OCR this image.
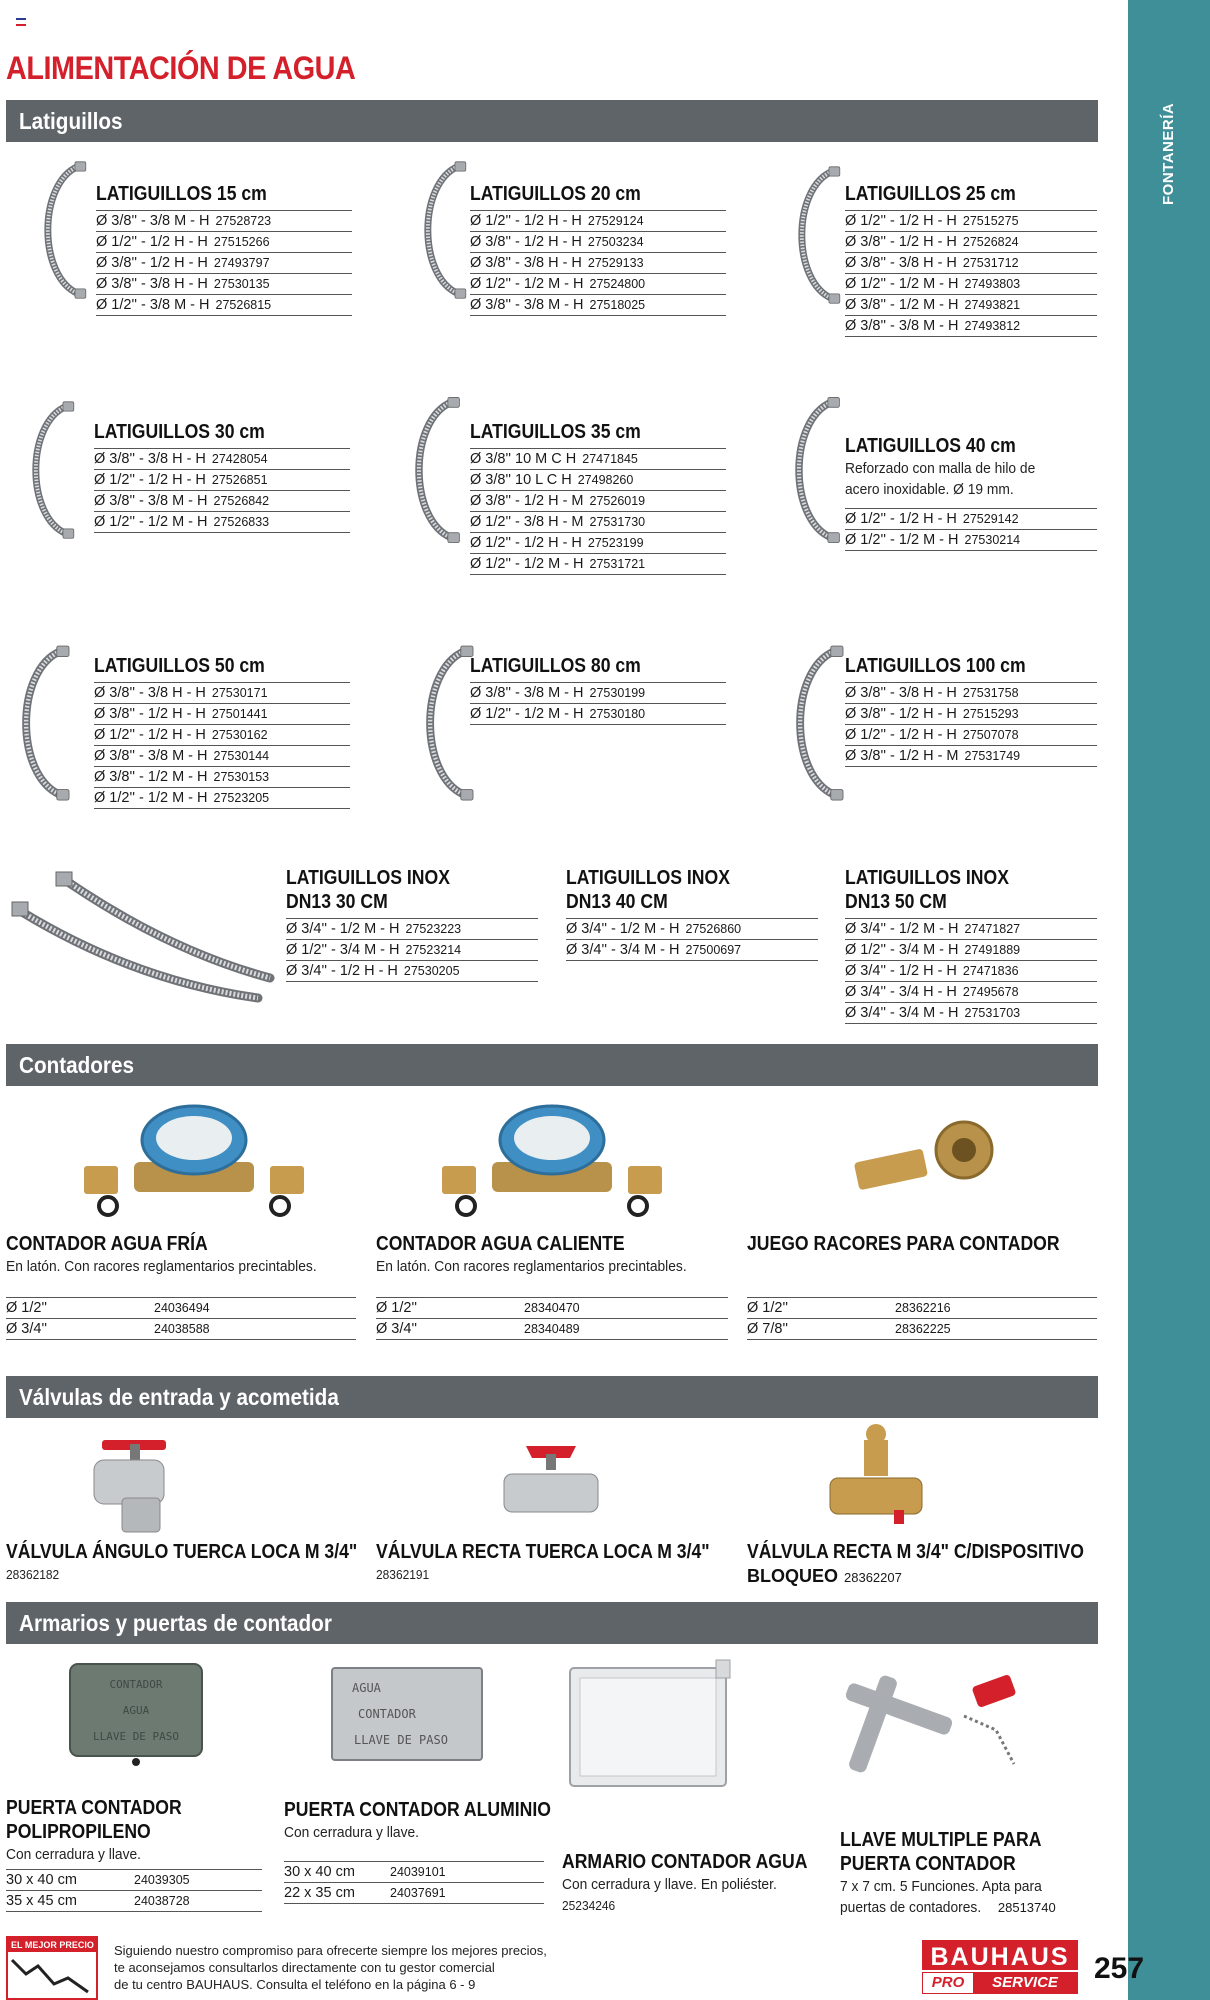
FONTANERÍA
ALIMENTACIÓN DE AGUA
Latiguillos
LATIGUILLOS 15 cm
Ø 3/8'' - 3/8 M - H 27528723
Ø 1/2'' - 1/2 H - H 27515266
Ø 3/8'' - 1/2 H - H 27493797
Ø 3/8'' - 3/8 H - H 27530135
Ø 1/2'' - 3/8 M - H 27526815
LATIGUILLOS 20 cm
Ø 1/2'' - 1/2 H - H 27529124
Ø 3/8'' - 1/2 H - H 27503234
Ø 3/8'' - 3/8 H - H 27529133
Ø 1/2'' - 1/2 M - H 27524800
Ø 3/8'' - 3/8 M - H 27518025
LATIGUILLOS 25 cm
Ø 1/2'' - 1/2 H - H 27515275
Ø 3/8'' - 1/2 H - H 27526824
Ø 3/8'' - 3/8 H - H 27531712
Ø 1/2'' - 1/2 M - H 27493803
Ø 3/8'' - 1/2 M - H 27493821
Ø 3/8'' - 3/8 M - H 27493812
LATIGUILLOS 30 cm
Ø 3/8'' - 3/8 H - H 27428054
Ø 1/2'' - 1/2 H - H 27526851
Ø 3/8'' - 3/8 M - H 27526842
Ø 1/2'' - 1/2 M - H 27526833
LATIGUILLOS 35 cm
Ø 3/8'' 10 M C H 27471845
Ø 3/8'' 10 L C H 27498260
Ø 3/8'' - 1/2 H - M 27526019
Ø 1/2'' - 3/8 H - M 27531730
Ø 1/2'' - 1/2 H - H 27523199
Ø 1/2'' - 1/2 M - H 27531721
LATIGUILLOS 40 cm
Reforzado con malla de hilo de
acero inoxidable. Ø 19 mm.
Ø 1/2'' - 1/2 H - H 27529142
Ø 1/2'' - 1/2 M - H 27530214
LATIGUILLOS 50 cm
Ø 3/8'' - 3/8 H - H 27530171
Ø 3/8'' - 1/2 H - H 27501441
Ø 1/2'' - 1/2 H - H 27530162
Ø 3/8'' - 3/8 M - H 27530144
Ø 3/8'' - 1/2 M - H 27530153
Ø 1/2'' - 1/2 M - H 27523205
LATIGUILLOS 80 cm
Ø 3/8'' - 3/8 M - H 27530199
Ø 1/2'' - 1/2 M - H 27530180
LATIGUILLOS 100 cm
Ø 3/8'' - 3/8 H - H 27531758
Ø 3/8'' - 1/2 H - H 27515293
Ø 1/2'' - 1/2 H - H 27507078
Ø 3/8'' - 1/2 H - M 27531749
LATIGUILLOS INOX
DN13 30 CM
Ø 3/4'' - 1/2 M - H 27523223
Ø 1/2'' - 3/4 M - H 27523214
Ø 3/4'' - 1/2 H - H 27530205
LATIGUILLOS INOX
DN13 40 CM
Ø 3/4'' - 1/2 M - H 27526860
Ø 3/4'' - 3/4 M - H 27500697
LATIGUILLOS INOX
DN13 50 CM
Ø 3/4'' - 1/2 M - H 27471827
Ø 1/2'' - 3/4 M - H 27491889
Ø 3/4'' - 1/2 H - H 27471836
Ø 3/4'' - 3/4 H - H 27495678
Ø 3/4'' - 3/4 M - H 27531703
Contadores
CONTADOR AGUA FRÍA
En latón. Con racores reglamentarios precintables.
Ø 1/2''	24036494
Ø 3/4''	24038588
CONTADOR AGUA CALIENTE
En latón. Con racores reglamentarios precintables.
Ø 1/2''	28340470
Ø 3/4''	28340489
JUEGO RACORES PARA CONTADOR
Ø 1/2''	28362216
Ø 7/8''	28362225
Válvulas de entrada y acometida
VÁLVULA ÁNGULO TUERCA LOCA M 3/4"
28362182
VÁLVULA RECTA TUERCA LOCA M 3/4"
28362191
VÁLVULA RECTA M 3/4" C/DISPOSITIVO
BLOQUEO 28362207
Armarios y puertas de contador
CONTADOR
AGUA
LLAVE DE PASO
AGUA
CONTADOR
LLAVE DE PASO
PUERTA CONTADOR
POLIPROPILENO
Con cerradura y llave.
30 x 40 cm	24039305
35 x 45 cm	24038728
PUERTA CONTADOR ALUMINIO
Con cerradura y llave.
30 x 40 cm	24039101
22 x 35 cm	24037691
ARMARIO CONTADOR AGUA
Con cerradura y llave. En poliéster.
25234246
LLAVE MULTIPLE PARA
PUERTA CONTADOR
7 x 7 cm. 5 Funciones. Apta para
puertas de contadores. 28513740
EL MEJOR PRECIO Siguiendo nuestro compromiso para ofrecerte siempre los mejores precios,
te aconsejamos consultarlos directamente con tu gestor comercial
de tu centro BAUHAUS. Consulta el teléfono en la página 6 - 9
BAUHAUS
PRO	SERVICE	257
